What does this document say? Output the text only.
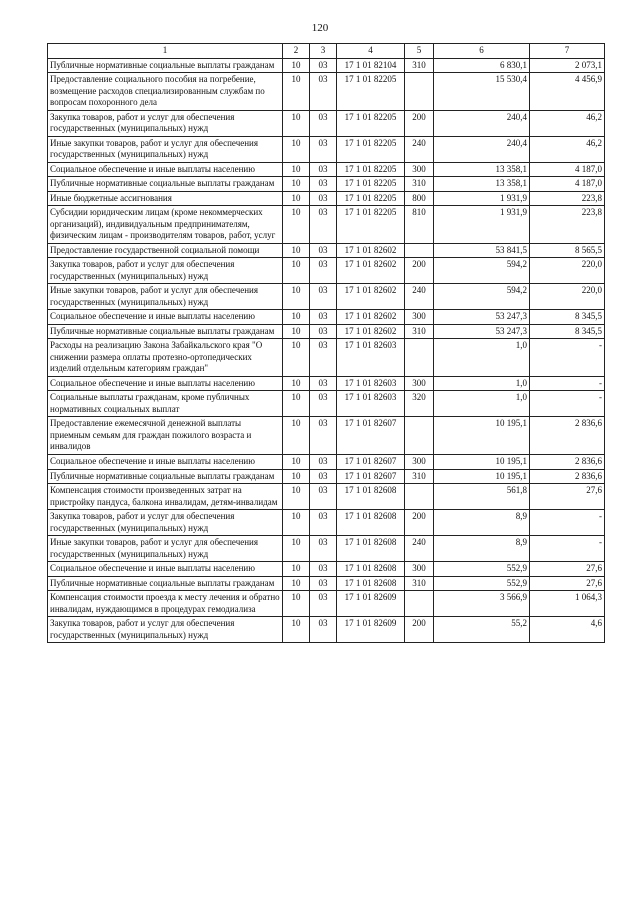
120
1	2	3	4	5	6	7
Публичные нормативные социальные выплаты гражданам	10	03	17 1 01 82104	310	6 830,1	2 073,1
Предоставление социального пособия на погребение, возмещение расходов специализированным службам по вопросам похоронного дела	10	03	17 1 01 82205		15 530,4	4 456,9
Закупка товаров, работ и услуг для обеспечения государственных (муниципальных) нужд	10	03	17 1 01 82205	200	240,4	46,2
Иные закупки товаров, работ и услуг для обеспечения государственных (муниципальных) нужд	10	03	17 1 01 82205	240	240,4	46,2
Социальное обеспечение и иные выплаты населению	10	03	17 1 01 82205	300	13 358,1	4 187,0
Публичные нормативные социальные выплаты гражданам	10	03	17 1 01 82205	310	13 358,1	4 187,0
Иные бюджетные ассигнования	10	03	17 1 01 82205	800	1 931,9	223,8
Субсидии юридическим лицам (кроме некоммерческих организаций), индивидуальным предпринимателям, физическим лицам - производителям товаров, работ, услуг	10	03	17 1 01 82205	810	1 931,9	223,8
Предоставление государственной социальной помощи	10	03	17 1 01 82602		53 841,5	8 565,5
Закупка товаров, работ и услуг для обеспечения государственных (муниципальных) нужд	10	03	17 1 01 82602	200	594,2	220,0
Иные закупки товаров, работ и услуг для обеспечения государственных (муниципальных) нужд	10	03	17 1 01 82602	240	594,2	220,0
Социальное обеспечение и иные выплаты населению	10	03	17 1 01 82602	300	53 247,3	8 345,5
Публичные нормативные социальные выплаты гражданам	10	03	17 1 01 82602	310	53 247,3	8 345,5
Расходы на реализацию Закона Забайкальского края "О снижении размера оплаты протезно-ортопедических изделий отдельным категориям граждан"	10	03	17 1 01 82603		1,0	-
Социальное обеспечение и иные выплаты населению	10	03	17 1 01 82603	300	1,0	-
Социальные выплаты гражданам, кроме публичных нормативных социальных выплат	10	03	17 1 01 82603	320	1,0	-
Предоставление ежемесячной денежной выплаты приемным семьям для граждан пожилого возраста и инвалидов	10	03	17 1 01 82607		10 195,1	2 836,6
Социальное обеспечение и иные выплаты населению	10	03	17 1 01 82607	300	10 195,1	2 836,6
Публичные нормативные социальные выплаты гражданам	10	03	17 1 01 82607	310	10 195,1	2 836,6
Компенсация стоимости произведенных затрат на пристройку пандуса, балкона инвалидам, детям-инвалидам	10	03	17 1 01 82608		561,8	27,6
Закупка товаров, работ и услуг для обеспечения государственных (муниципальных) нужд	10	03	17 1 01 82608	200	8,9	-
Иные закупки товаров, работ и услуг для обеспечения государственных (муниципальных) нужд	10	03	17 1 01 82608	240	8,9	-
Социальное обеспечение и иные выплаты населению	10	03	17 1 01 82608	300	552,9	27,6
Публичные нормативные социальные выплаты гражданам	10	03	17 1 01 82608	310	552,9	27,6
Компенсация стоимости проезда к месту лечения и обратно инвалидам, нуждающимся в процедурах гемодиализа	10	03	17 1 01 82609		3 566,9	1 064,3
Закупка товаров, работ и услуг для обеспечения государственных (муниципальных) нужд	10	03	17 1 01 82609	200	55,2	4,6
